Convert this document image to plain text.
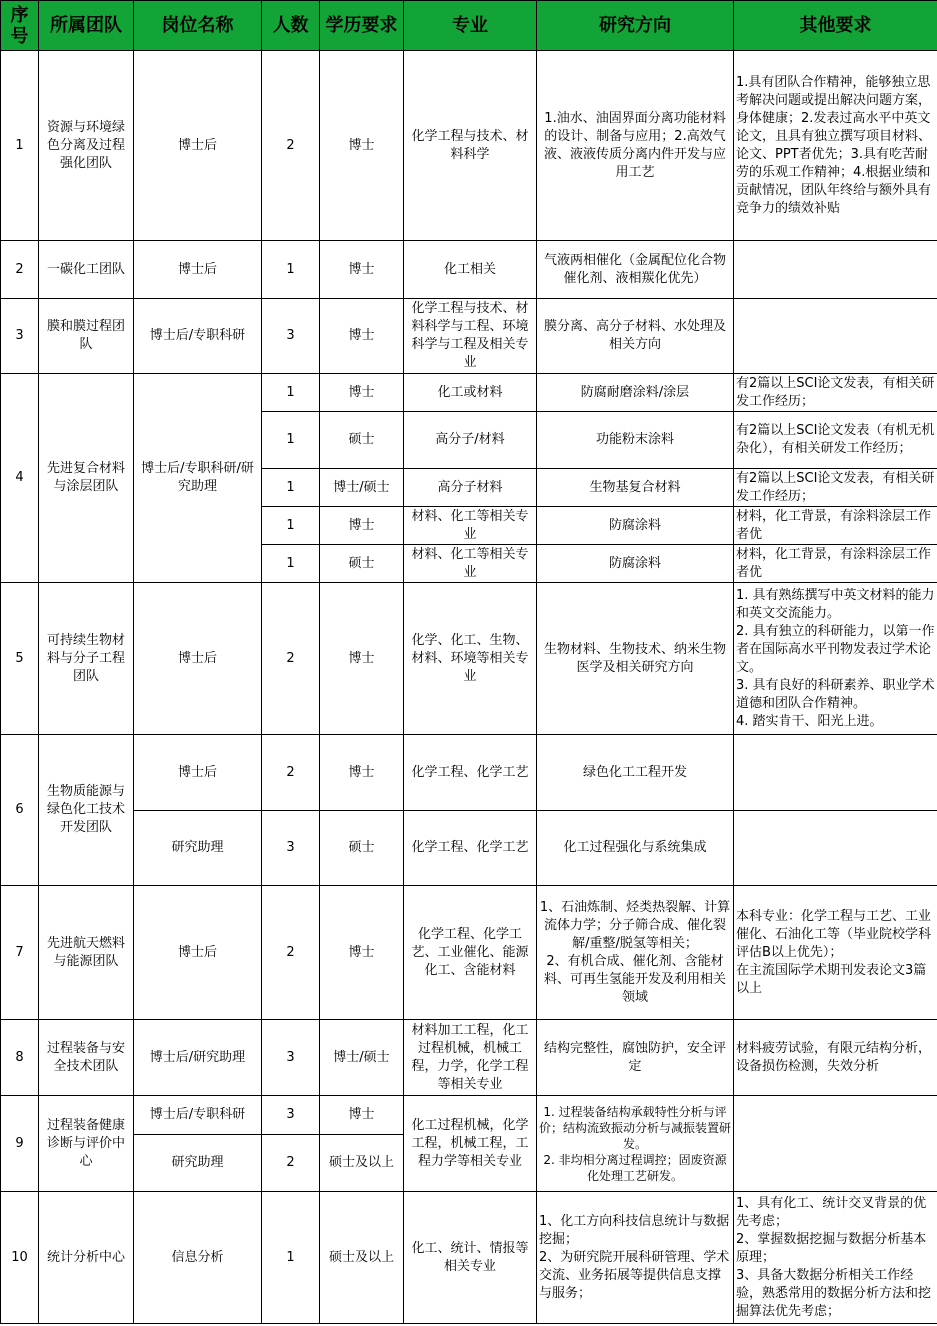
序号	所属团队	岗位名称	人数	学历要求	专业	研究方向	其他要求
1	资源与环境绿色分离及过程强化团队	博士后	2	博士	化学工程与技术、材料科学	1.油水、油固界面分离功能材料的设计、制备与应用；2.高效气液、液液传质分离内件开发与应用工艺	1.具有团队合作精神，能够独立思考解决问题或提出解决问题方案，身体健康；2.发表过高水平中英文论文，且具有独立撰写项目材料、论文、PPT者优先；3.具有吃苦耐劳的乐观工作精神；4.根据业绩和贡献情况，团队年终给与额外具有竞争力的绩效补贴
2	一碳化工团队	博士后	1	博士	化工相关	气液两相催化（金属配位化合物催化剂、液相羰化优先）	
3	膜和膜过程团队	博士后/专职科研	3	博士	化学工程与技术、材料科学与工程、环境科学与工程及相关专业	膜分离、高分子材料、水处理及相关方向	
4	先进复合材料与涂层团队	博士后/专职科研/研究助理	1	博士	化工或材料	防腐耐磨涂料/涂层	有2篇以上SCI论文发表，有相关研发工作经历；
			1	硕士	高分子/材料	功能粉末涂料	有2篇以上SCI论文发表（有机无机杂化），有相关研发工作经历；
			1	博士/硕士	高分子材料	生物基复合材料	有2篇以上SCI论文发表，有相关研发工作经历；
			1	博士	材料、化工等相关专业	防腐涂料	材料，化工背景，有涂料涂层工作者优
			1	硕士	材料、化工等相关专业	防腐涂料	材料，化工背景，有涂料涂层工作者优
5	可持续生物材料与分子工程团队	博士后	2	博士	化学、化工、生物、材料、环境等相关专业	生物材料、生物技术、纳米生物医学及相关研究方向	1. 具有熟练撰写中英文材料的能力和英文交流能力。
2. 具有独立的科研能力，以第一作者在国际高水平刊物发表过学术论文。
3. 具有良好的科研素养、职业学术道德和团队合作精神。
4. 踏实肯干、阳光上进。
6	生物质能源与绿色化工技术开发团队	博士后	2	博士	化学工程、化学工艺	绿色化工工程开发	
		研究助理	3	硕士	化学工程、化学工艺	化工过程强化与系统集成	
7	先进航天燃料与能源团队	博士后	2	博士	化学工程、化学工艺、工业催化、能源化工、含能材料	1、石油炼制、烃类热裂解、计算流体力学；分子筛合成、催化裂解/重整/脱氢等相关；
2、有机合成、催化剂、含能材料、可再生氢能开发及利用相关领域	本科专业：化学工程与工艺、工业催化、石油化工等（毕业院校学科评估B以上优先）；
在主流国际学术期刊发表论文3篇以上
8	过程装备与安全技术团队	博士后/研究助理	3	博士/硕士	材料加工工程，化工过程机械，机械工程，力学，化学工程等相关专业	结构完整性，腐蚀防护，安全评定	材料疲劳试验，有限元结构分析，设备损伤检测，失效分析
9	过程装备健康诊断与评价中心	博士后/专职科研	3	博士	化工过程机械，化学工程，机械工程，工程力学等相关专业	1. 过程装备结构承载特性分析与评价；结构流致振动分析与减振装置研发。
2. 非均相分离过程调控；固废资源化处理工艺研发。	
		研究助理	2	硕士及以上			
10	统计分析中心	信息分析	1	硕士及以上	化工、统计、情报等相关专业	1、化工方向科技信息统计与数据挖掘；
2、为研究院开展科研管理、学术交流、业务拓展等提供信息支撑与服务；	1、具有化工、统计交叉背景的优先考虑；
2、掌握数据挖掘与数据分析基本原理；
3、具备大数据分析相关工作经验，熟悉常用的数据分析方法和挖掘算法优先考虑；
